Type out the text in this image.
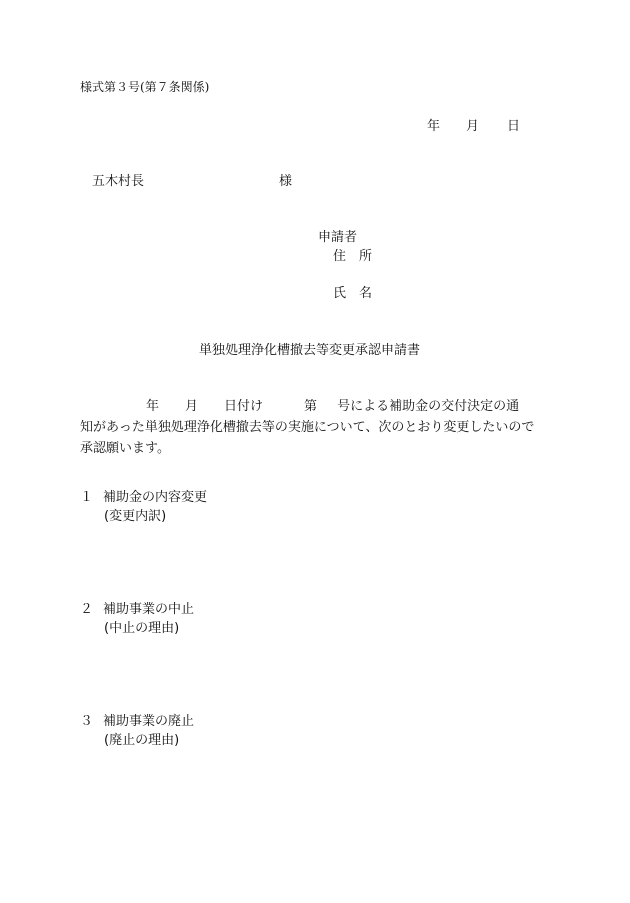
様式第３号(第７条関係)
年 月 日
五木村長	様
申請者
住　所
氏　名
単独処理浄化槽撤去等変更承認申請書

年 月 日付け	第 号による補助金の交付決定の通

知があった単独処理浄化槽撤去等の実施について、次のとおり変更したいので

承認願います。

１ 補助金の内容変更
(変更内訳)
２ 補助事業の中止
(中止の理由)
３ 補助事業の廃止
(廃止の理由)
